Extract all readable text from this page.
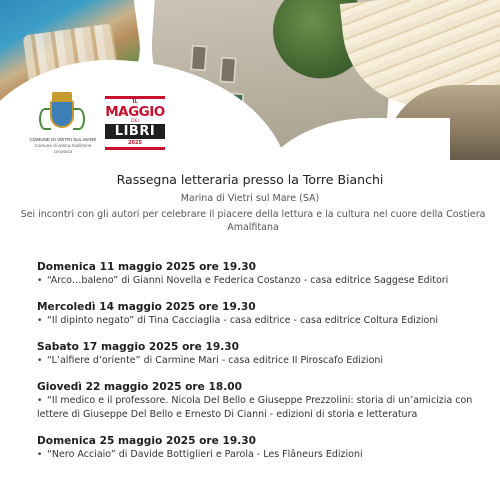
COMUNE DI VIETRI SUL MARE
Comune di antica tradizione ceramica
IL
MAGGIO
DEI
LIBRI
2025
Rassegna letteraria presso la Torre Bianchi
Marina di Vietri sul Mare (SA)
Sei incontri con gli autori per celebrare il piacere della lettura e la cultura nel cuore della Costiera Amalfitana
Domenica 11 maggio 2025 ore 19.30
• “Arco…baleno” di Gianni Novella e Federica Costanzo - casa editrice Saggese Editori
Mercoledì 14 maggio 2025 ore 19.30
• “Il dipinto negato” di Tina Cacciaglia - casa editrice - casa editrice Coltura Edizioni
Sabato 17 maggio 2025 ore 19.30
• “L’alfiere d’oriente” di Carmine Mari - casa editrice Il Piroscafo Edizioni
Giovedì 22 maggio 2025 ore 18.00
• “Il medico e il professore. Nicola Del Bello e Giuseppe Prezzolini: storia di un’amicizia con lettere di Giuseppe Del Bello e Ernesto Di Cianni - edizioni di storia e letteratura
Domenica 25 maggio 2025 ore 19.30
• “Nero Acciaio” di Davide Bottiglieri e Parola - Les Flâneurs Edizioni
